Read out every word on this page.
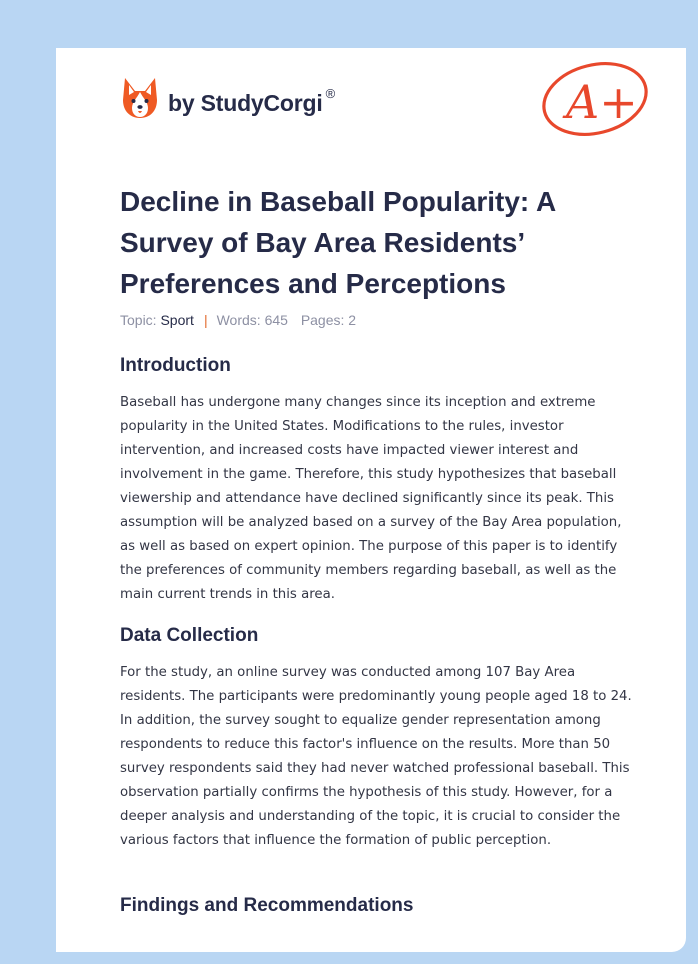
by StudyCorgi ®	A+
Decline in Baseball Popularity: A Survey of Bay Area Residents’ Preferences and Perceptions
Topic: Sport | Words: 645 Pages: 2
Introduction

Baseball has undergone many changes since its inception and extreme popularity in the United States. Modifications to the rules, investor intervention, and increased costs have impacted viewer interest and involvement in the game. Therefore, this study hypothesizes that baseball viewership and attendance have declined significantly since its peak. This assumption will be analyzed based on a survey of the Bay Area population, as well as based on expert opinion. The purpose of this paper is to identify the preferences of community members regarding baseball, as well as the main current trends in this area.

Data Collection

For the study, an online survey was conducted among 107 Bay Area residents. The participants were predominantly young people aged 18 to 24. In addition, the survey sought to equalize gender representation among respondents to reduce this factor's influence on the results. More than 50 survey respondents said they had never watched professional baseball. This observation partially confirms the hypothesis of this study. However, for a deeper analysis and understanding of the topic, it is crucial to consider the various factors that influence the formation of public perception.

Findings and Recommendations
